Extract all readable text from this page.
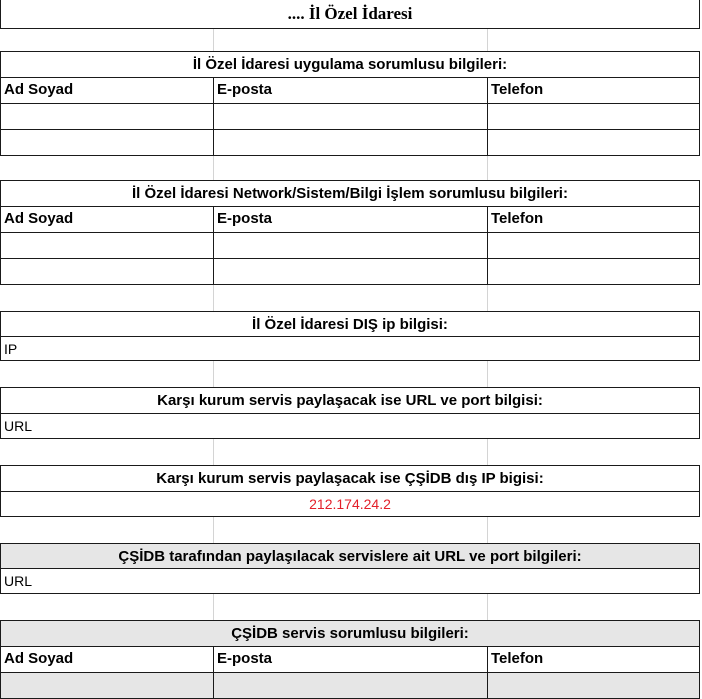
.... İl Özel İdaresi
İl Özel İdaresi uygulama sorumlusu bilgileri:
Ad Soyad	E-posta	Telefon
İl Özel İdaresi Network/Sistem/Bilgi İşlem sorumlusu bilgileri:
Ad Soyad	E-posta	Telefon
İl Özel İdaresi DIŞ ip bilgisi:
IP
Karşı kurum servis paylaşacak ise URL ve port bilgisi:
URL
Karşı kurum servis paylaşacak ise ÇŞİDB dış IP bigisi:
212.174.24.2
ÇŞİDB tarafından paylaşılacak servislere ait URL ve port bilgileri:
URL
ÇŞİDB servis sorumlusu bilgileri:
Ad Soyad	E-posta	Telefon
